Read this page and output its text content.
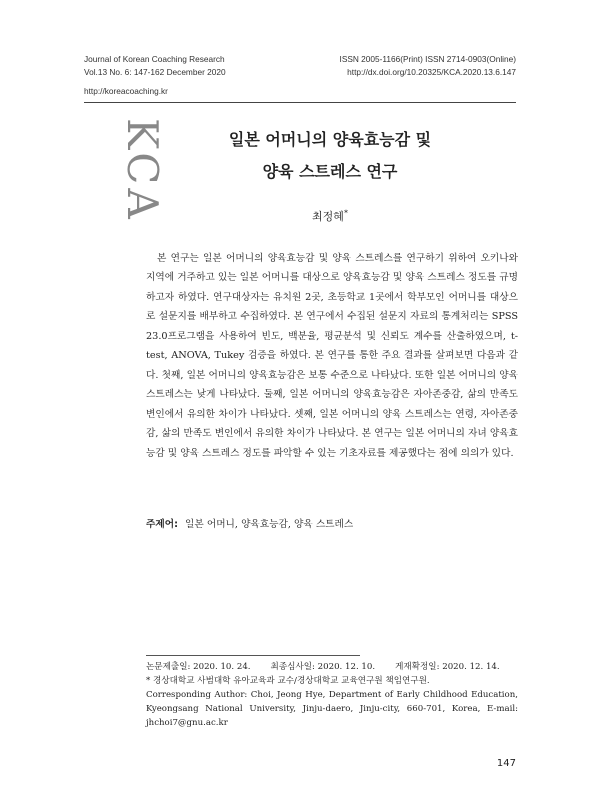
Journal of Korean Coaching Research
Vol.13 No. 6: 147-162 December 2020
ISSN 2005-1166(Print) ISSN 2714-0903(Online)
http://dx.doi.org/10.20325/KCA.2020.13.6.147
http://koreacoaching.kr
KCA	일본 어머니의 양육효능감 및
양육 스트레스 연구
최정혜*

본 연구는 일본 어머니의 양육효능감 및 양육 스트레스를 연구하기 위하여 오키나와 지역에 거주하고 있는 일본 어머니를 대상으로 양육효능감 및 양육 스트레스 정도를 규명하고자 하였다. 연구대상자는 유치원 2곳, 초등학교 1곳에서 학부모인 어머니를 대상으로 설문지를 배부하고 수집하였다. 본 연구에서 수집된 설문지 자료의 통계처리는 SPSS 23.0프로그램을 사용하여 빈도, 백분율, 평균분석 및 신뢰도 계수를 산출하였으며, t-test, ANOVA, Tukey 검증을 하였다. 본 연구를 통한 주요 결과를 살펴보면 다음과 같다. 첫째, 일본 어머니의 양육효능감은 보통 수준으로 나타났다. 또한 일본 어머니의 양육 스트레스는 낮게 나타났다. 둘째, 일본 어머니의 양육효능감은 자아존중감, 삶의 만족도 변인에서 유의한 차이가 나타났다. 셋째, 일본 어머니의 양육 스트레스는 연령, 자아존중감, 삶의 만족도 변인에서 유의한 차이가 나타났다. 본 연구는 일본 어머니의 자녀 양육효능감 및 양육 스트레스 정도를 파악할 수 있는 기초자료를 제공했다는 점에 의의가 있다.

주제어: 일본 어머니, 양육효능감, 양육 스트레스
논문제출일: 2020. 10. 24. 최종심사일: 2020. 12. 10. 게재확정일: 2020. 12. 14.
* 경상대학교 사범대학 유아교육과 교수/경상대학교 교육연구원 책임연구원.
Corresponding Author: Choi, Jeong Hye, Department of Early Childhood Education, Kyeongsang National University, Jinju-daero, Jinju-city, 660-701, Korea, E-mail: jhchoi7@gnu.ac.kr
147
